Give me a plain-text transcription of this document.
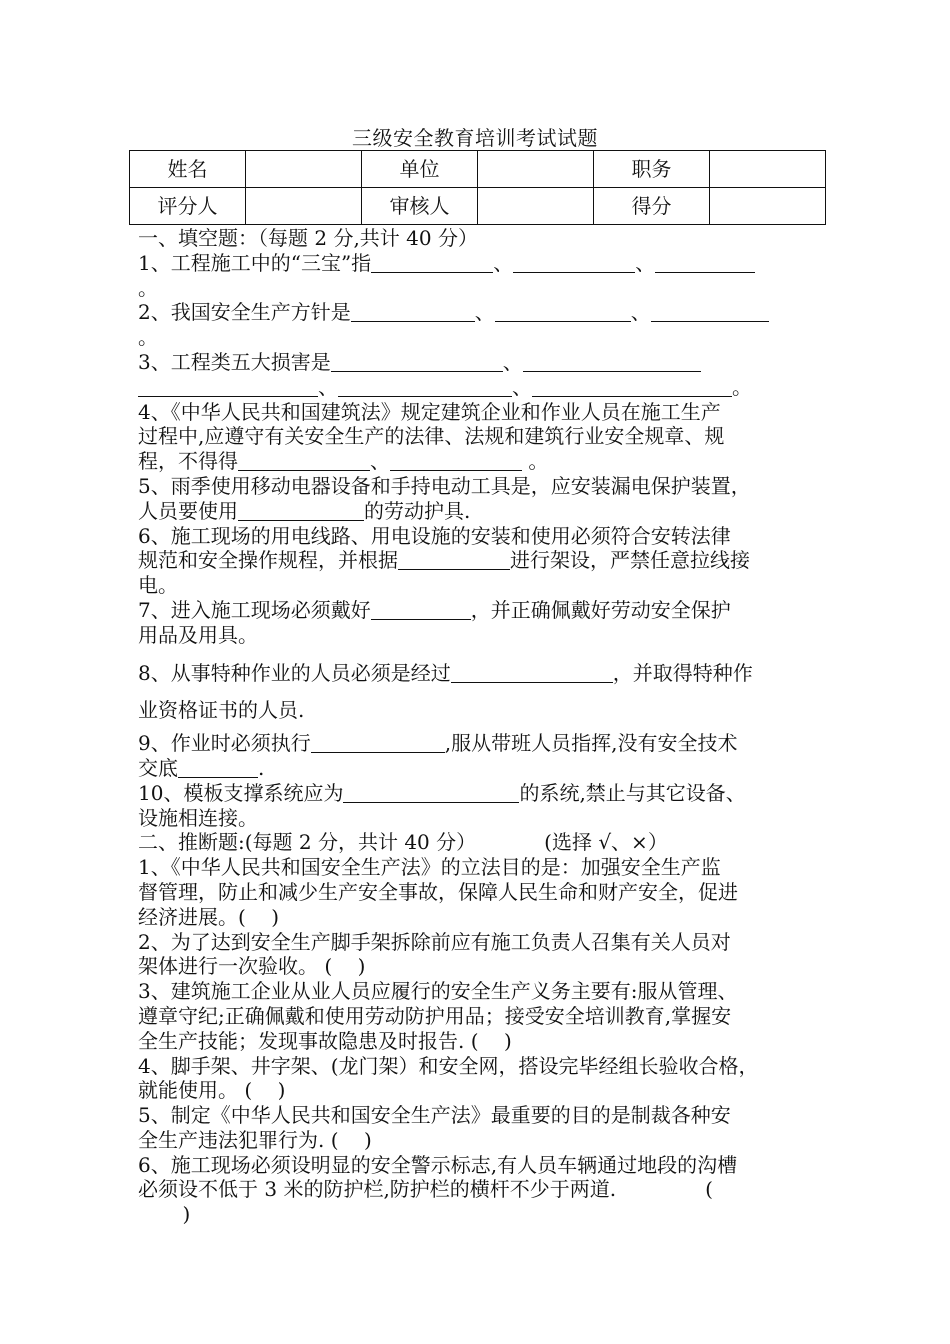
三级安全教育培训考试试题
姓名		单位		职务	
评分人		审核人		得分	

一、填空题：（每题 2 分,共计 40 分）

1、工程施工中的“三宝”指	、	、

。

2、我国安全生产方针是	、	、

。

3、工程类五大损害是	、

、	、	。

4、《中华人民共和国建筑法》规定建筑企业和作业人员在施工生产

过程中,应遵守有关安全生产的法律、法规和建筑行业安全规章、规

程，不得得	、	。

5、雨季使用移动电器设备和手持电动工具是，应安装漏电保护装置，

人员要使用	的劳动护具.

6、施工现场的用电线路、用电设施的安装和使用必须符合安转法律

规范和安全操作规程，并根据	进行架设，严禁任意拉线接

电。

7、进入施工现场必须戴好	，并正确佩戴好劳动安全保护

用品及用具。

8、从事特种作业的人员必须是经过	，并取得特种作

业资格证书的人员.

9、作业时必须执行	,服从带班人员指挥,没有安全技术

交底	.

10、模板支撑系统应为	的系统,禁止与其它设备、

设施相连接。

二、推断题:(每题 2 分，共计 40 分）	(选择 √、×）

1、《中华人民共和国安全生产法》的立法目的是：加强安全生产监

督管理，防止和减少生产安全事故，保障人民生命和财产安全，促进

经济进展。(    )

2、为了达到安全生产脚手架拆除前应有施工负责人召集有关人员对

架体进行一次验收。 (    )

3、建筑施工企业从业人员应履行的安全生产义务主要有:服从管理、

遵章守纪;正确佩戴和使用劳动防护用品；接受安全培训教育,掌握安

全生产技能；发现事故隐患及时报告. (    )

4、脚手架、井字架、(龙门架）和安全网，搭设完毕经组长验收合格，

就能使用。 (    )

5、制定《中华人民共和国安全生产法》最重要的目的是制裁各种安

全生产违法犯罪行为. (    )

6、施工现场必须设明显的安全警示标志,有人员车辆通过地段的沟槽

必须设不低于 3 米的防护栏,防护栏的横杆不少于两道.              (

)
